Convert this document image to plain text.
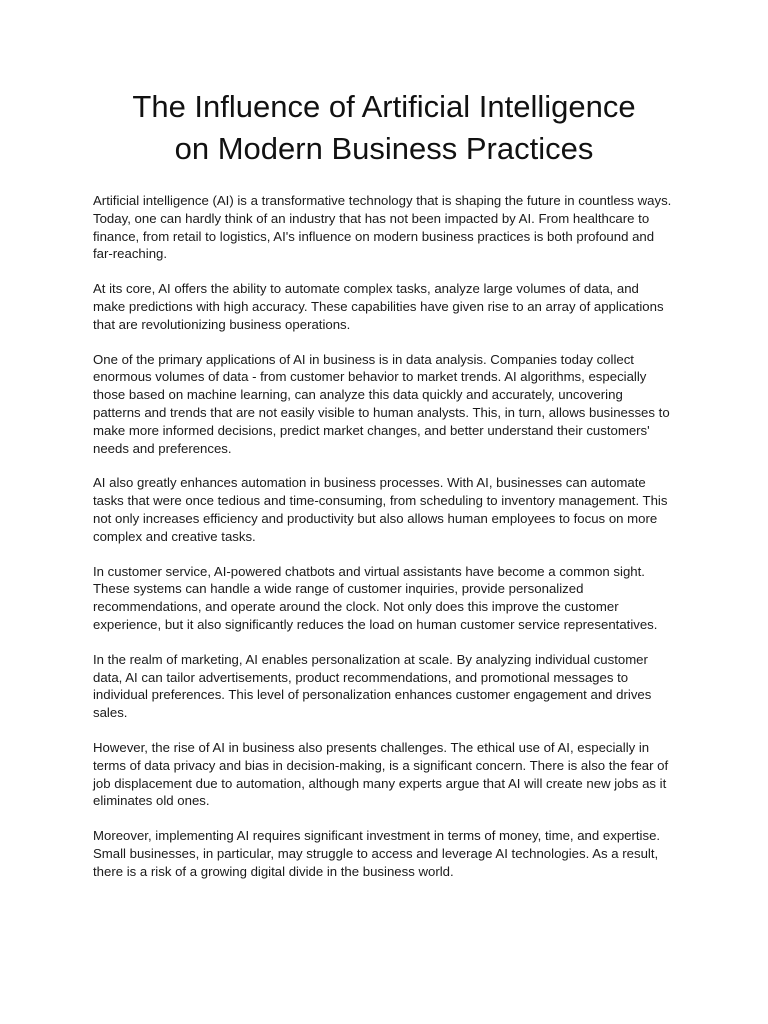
The Influence of Artificial Intelligence
on Modern Business Practices

Artificial intelligence (AI) is a transformative technology that is shaping the future in countless ways. Today, one can hardly think of an industry that has not been impacted by AI. From healthcare to finance, from retail to logistics, AI's influence on modern business practices is both profound and far-reaching.

At its core, AI offers the ability to automate complex tasks, analyze large volumes of data, and make predictions with high accuracy. These capabilities have given rise to an array of applications that are revolutionizing business operations.

One of the primary applications of AI in business is in data analysis. Companies today collect enormous volumes of data - from customer behavior to market trends. AI algorithms, especially those based on machine learning, can analyze this data quickly and accurately, uncovering patterns and trends that are not easily visible to human analysts. This, in turn, allows businesses to make more informed decisions, predict market changes, and better understand their customers' needs and preferences.

AI also greatly enhances automation in business processes. With AI, businesses can automate tasks that were once tedious and time-consuming, from scheduling to inventory management. This not only increases efficiency and productivity but also allows human employees to focus on more complex and creative tasks.

In customer service, AI-powered chatbots and virtual assistants have become a common sight. These systems can handle a wide range of customer inquiries, provide personalized recommendations, and operate around the clock. Not only does this improve the customer experience, but it also significantly reduces the load on human customer service representatives.

In the realm of marketing, AI enables personalization at scale. By analyzing individual customer data, AI can tailor advertisements, product recommendations, and promotional messages to individual preferences. This level of personalization enhances customer engagement and drives sales.

However, the rise of AI in business also presents challenges. The ethical use of AI, especially in terms of data privacy and bias in decision-making, is a significant concern. There is also the fear of job displacement due to automation, although many experts argue that AI will create new jobs as it eliminates old ones.

Moreover, implementing AI requires significant investment in terms of money, time, and expertise. Small businesses, in particular, may struggle to access and leverage AI technologies. As a result, there is a risk of a growing digital divide in the business world.
